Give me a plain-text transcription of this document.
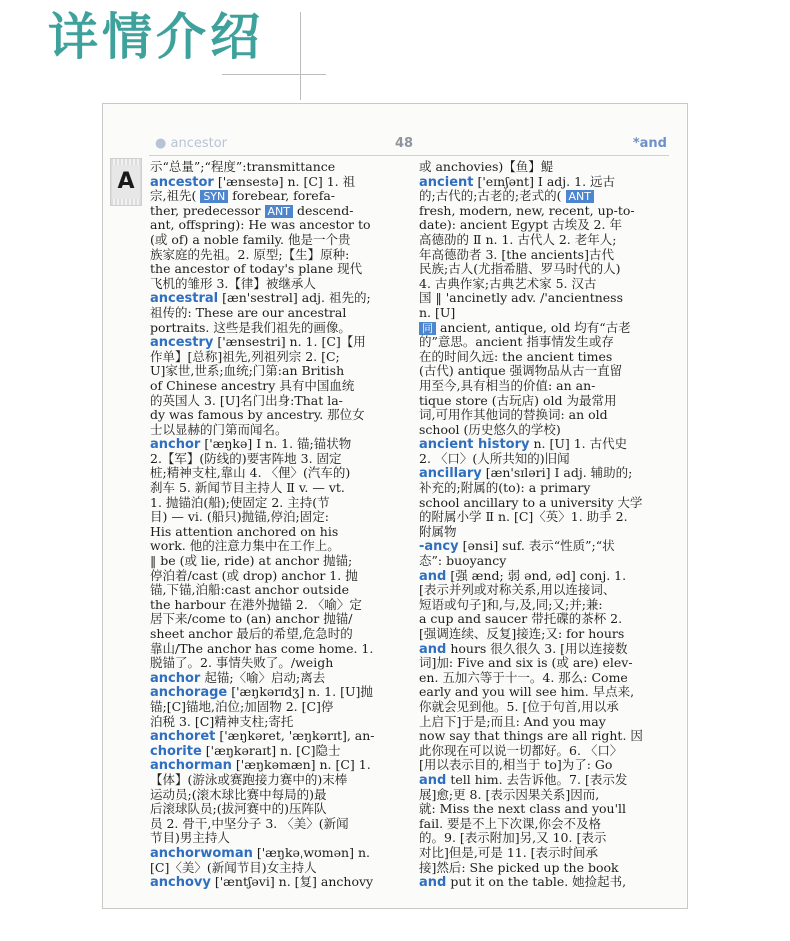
详情介绍
● ancestor	48	*and
A
示“总量”;“程度”:transmittance
ancestor ['ænsestə] n. [C] 1. 祖
宗,祖先( SYN forebear, forefa-
ther, predecessor ANT descend-
ant, offspring): He was ancestor to
(或 of) a noble family. 他是一个贵
族家庭的先祖。2. 原型;【生】原种:
the ancestor of today's plane 现代
飞机的雏形 3.【律】被继承人
ancestral [æn'sestrəl] adj. 祖先的;
祖传的: These are our ancestral
portraits. 这些是我们祖先的画像。
ancestry ['ænsestri] n. 1. [C]【用
作单】[总称]祖先,列祖列宗 2. [C;
U]家世,世系;血统;门第:an British
of Chinese ancestry 具有中国血统
的英国人 3. [U]名门出身:That la-
dy was famous by ancestry. 那位女
士以显赫的门第而闻名。
anchor ['æŋkə] Ⅰ n. 1. 锚;锚状物
2.【军】(防线的)要害阵地 3. 固定
桩;精神支柱,靠山 4. 〈俚〉(汽车的)
刹车 5. 新闻节目主持人 Ⅱ v. — vt.
1. 抛锚泊(船);使固定 2. 主持(节
目) — vi. (船只)抛锚,停泊;固定:
His attention anchored on his
work. 他的注意力集中在工作上。
‖ be (或 lie, ride) at anchor 抛锚;
停泊着/cast (或 drop) anchor 1. 抛
锚,下锚,泊船:cast anchor outside
the harbour 在港外抛锚 2. 〈喻〉定
居下来/come to (an) anchor 抛锚/
sheet anchor 最后的希望,危急时的
靠山/The anchor has come home. 1.
脱锚了。2. 事情失败了。/weigh
anchor 起锚;〈喻〉启动;离去
anchorage ['æŋkərɪdʒ] n. 1. [U]抛
锚;[C]锚地,泊位;加固物 2. [C]停
泊税 3. [C]精神支柱;寄托
anchoret ['æŋkəret, 'æŋkərɪt], an-
chorite ['æŋkəraɪt] n. [C]隐士
anchorman ['æŋkəmæn] n. [C] 1.
【体】(游泳或赛跑接力赛中的)末棒
运动员;(滚木球比赛中每局的)最
后滚球队员;(拔河赛中的)压阵队
员 2. 骨干,中坚分子 3. 〈美〉(新闻
节目)男主持人
anchorwoman ['æŋkəˌwʊmən] n.
[C]〈美〉(新闻节目)女主持人
anchovy ['æntʃəvi] n. [复] anchovy
或 anchovies)【鱼】鳀
ancient ['eɪnʃənt] Ⅰ adj. 1. 远古
的;古代的;古老的;老式的( ANT
fresh, modern, new, recent, up-to-
date): ancient Egypt 古埃及 2. 年
高德劭的 Ⅱ n. 1. 古代人 2. 老年人;
年高德劭者 3. [the ancients]古代
民族;古人(尤指希腊、罗马时代的人)
4. 古典作家;古典艺术家 5. 汉古
国 ‖ 'ancinetly adv. /'ancientness
n. [U]
同 ancient, antique, old 均有“古老
的”意思。ancient 指事情发生或存
在的时间久远: the ancient times
(古代) antique 强调物品从古一直留
用至今,具有相当的价值: an an-
tique store (古玩店) old 为最常用
词,可用作其他词的替换词: an old
school (历史悠久的学校)
ancient history n. [U] 1. 古代史
2. 〈口〉(人所共知的)旧闻
ancillary [æn'sɪləri] Ⅰ adj. 辅助的;
补充的;附属的(to): a primary
school ancillary to a university 大学
的附属小学 Ⅱ n. [C]〈英〉1. 助手 2.
附属物
-ancy [ənsi] suf. 表示“性质”;“状
态”: buoyancy
and [强 ænd; 弱 ənd, əd] conj. 1.
[表示并列或对称关系,用以连接词、
短语或句子]和,与,及,同;又;并;兼:
a cup and saucer 带托碟的茶杯 2.
[强调连续、反复]接连;又: for hours
and hours 很久很久 3. [用以连接数
词]加: Five and six is (或 are) elev-
en. 五加六等于十一。4. 那么: Come
early and you will see him. 早点来,
你就会见到他。5. [位于句首,用以承
上启下]于是;而且: And you may
now say that things are all right. 因
此你现在可以说一切都好。6. 〈口〉
[用以表示目的,相当于 to]为了: Go
and tell him. 去告诉他。7. [表示发
展]愈;更 8. [表示因果关系]因而,
就: Miss the next class and you'll
fail. 要是不上下次课,你会不及格
的。9. [表示附加]另,又 10. [表示
对比]但是,可是 11. [表示时间承
接]然后: She picked up the book
and put it on the table. 她捡起书,
